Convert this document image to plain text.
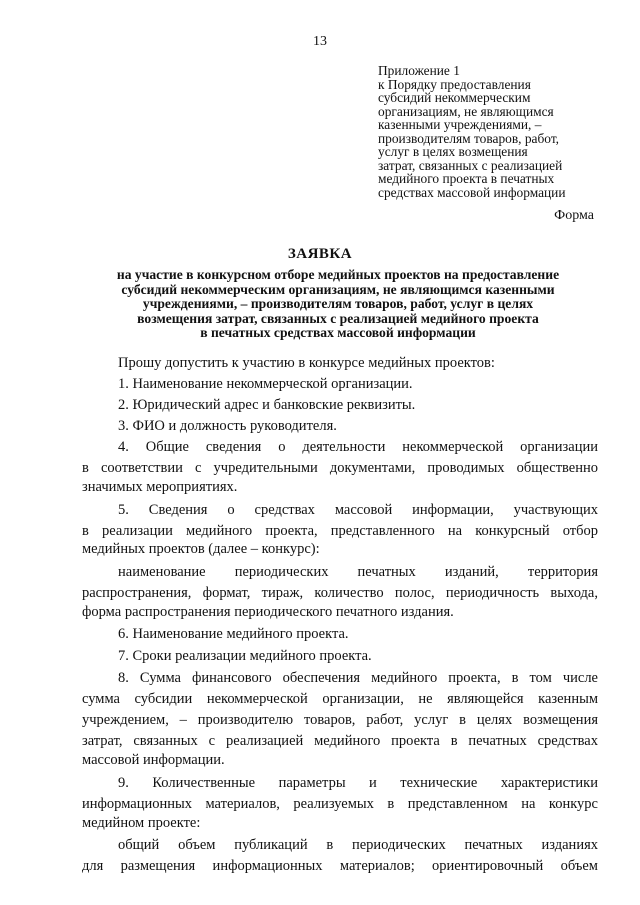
13
Приложение 1
к Порядку предоставления
субсидий некоммерческим
организациям, не являющимся
казенными учреждениями, –
производителям товаров, работ,
услуг в целях возмещения
затрат, связанных с реализацией
медийного проекта в печатных
средствах массовой информации
Форма
ЗАЯВКА
на участие в конкурсном отборе медийных проектов на предоставление
субсидий некоммерческим организациям, не являющимся казенными
учреждениями, – производителям товаров, работ, услуг в целях
возмещения затрат, связанных с реализацией медийного проекта
в печатных средствах массовой информации
Прошу допустить к участию в конкурсе медийных проектов:
1. Наименование некоммерческой организации.
2. Юридический адрес и банковские реквизиты.
3. ФИО и должность руководителя.
4. Общие сведения о деятельности некоммерческой организации
в соответствии с учредительными документами, проводимых общественно
значимых мероприятиях.
5. Сведения о средствах массовой информации, участвующих
в реализации медийного проекта, представленного на конкурсный отбор
медийных проектов (далее – конкурс):
наименование периодических печатных изданий, территория
распространения, формат, тираж, количество полос, периодичность выхода,
форма распространения периодического печатного издания.
6. Наименование медийного проекта.
7. Сроки реализации медийного проекта.
8. Сумма финансового обеспечения медийного проекта, в том числе
сумма субсидии некоммерческой организации, не являющейся казенным
учреждением, – производителю товаров, работ, услуг в целях возмещения
затрат, связанных с реализацией медийного проекта в печатных средствах
массовой информации.
9. Количественные параметры и технические характеристики
информационных материалов, реализуемых в представленном на конкурс
медийном проекте:
общий объем публикаций в периодических печатных изданиях
для размещения информационных материалов; ориентировочный объем
